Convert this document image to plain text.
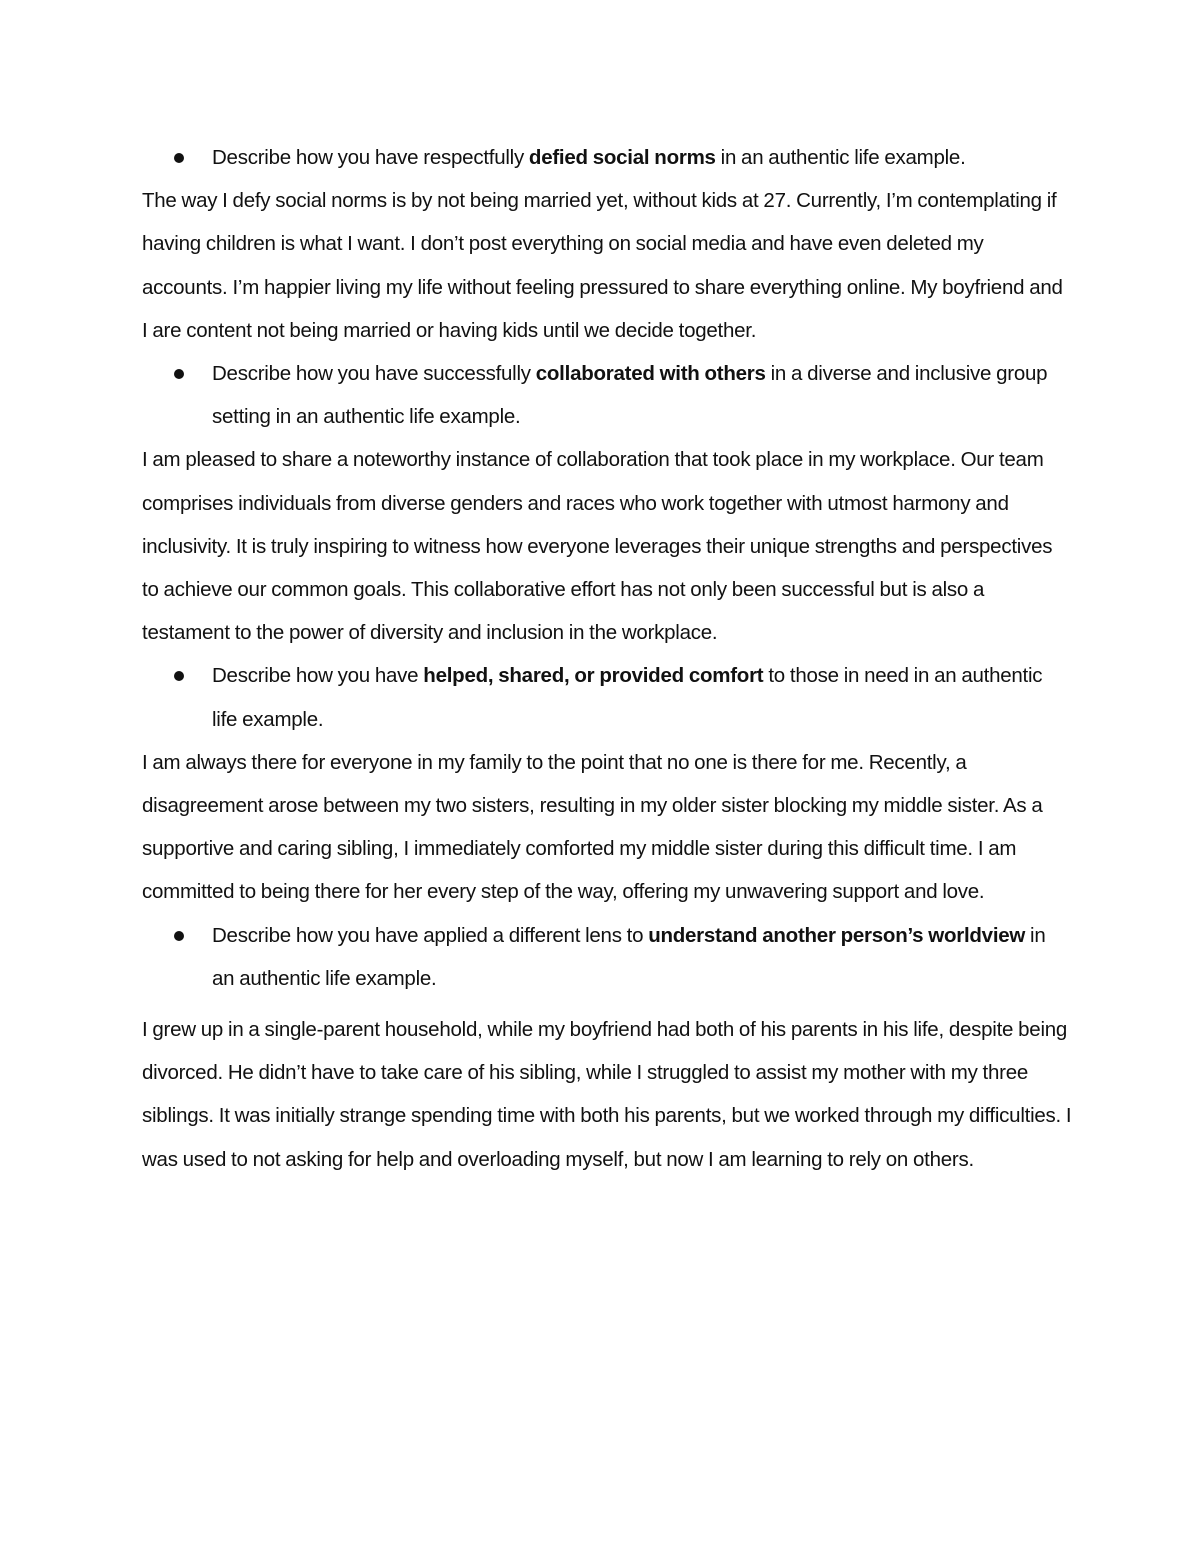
Describe how you have respectfully defied social norms in an authentic life example.

The way I defy social norms is by not being married yet, without kids at 27. Currently, I’m contemplating if having children is what I want. I don’t post everything on social media and have even deleted my accounts. I’m happier living my life without feeling pressured to share everything online. My boyfriend and I are content not being married or having kids until we decide together.

Describe how you have successfully collaborated with others in a diverse and inclusive group setting in an authentic life example.

I am pleased to share a noteworthy instance of collaboration that took place in my workplace. Our team comprises individuals from diverse genders and races who work together with utmost harmony and inclusivity. It is truly inspiring to witness how everyone leverages their unique strengths and perspectives to achieve our common goals. This collaborative effort has not only been successful but is also a testament to the power of diversity and inclusion in the workplace.

Describe how you have helped, shared, or provided comfort to those in need in an authentic life example.

I am always there for everyone in my family to the point that no one is there for me. Recently, a disagreement arose between my two sisters, resulting in my older sister blocking my middle sister. As a supportive and caring sibling, I immediately comforted my middle sister during this difficult time. I am committed to being there for her every step of the way, offering my unwavering support and love.

Describe how you have applied a different lens to understand another person’s worldview in an authentic life example.

I grew up in a single-parent household, while my boyfriend had both of his parents in his life, despite being divorced. He didn’t have to take care of his sibling, while I struggled to assist my mother with my three siblings. It was initially strange spending time with both his parents, but we worked through my difficulties. I was used to not asking for help and overloading myself, but now I am learning to rely on others.
